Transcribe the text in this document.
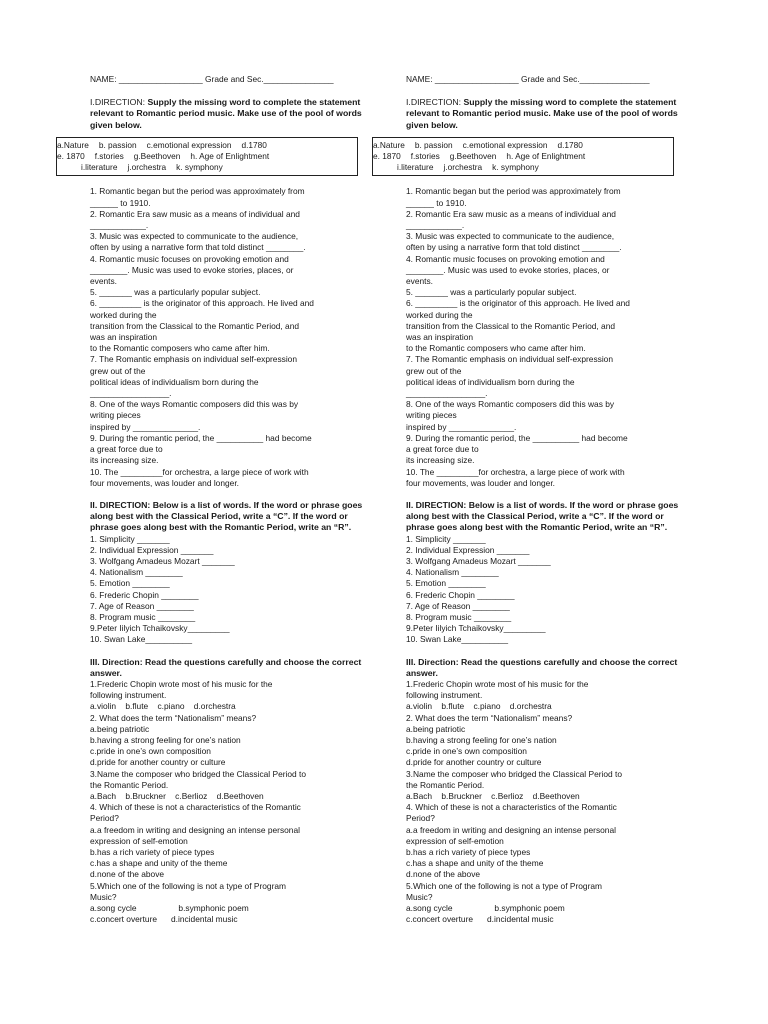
NAME: __________________ Grade and Sec._______________
I.DIRECTION: Supply the missing word to complete the statement relevant to Romantic period music. Make use of the pool of words given below.
a.Nature b. passion c.emotional expression d.1780
e. 1870 f.stories g.Beethoven h. Age of Enlightment
i.literature j.orchestra k. symphony
1. Romantic began but the period was approximately from
______ to 1910.
2. Romantic Era saw music as a means of individual and
____________.
3. Music was expected to communicate to the audience,
often by using a narrative form that told distinct ________.
4. Romantic music focuses on provoking emotion and
________. Music was used to evoke stories, places, or
events.
5. _______ was a particularly popular subject.
6. _________ is the originator of this approach. He lived and
worked during the
transition from the Classical to the Romantic Period, and
was an inspiration
to the Romantic composers who came after him.
7. The Romantic emphasis on individual self-expression
grew out of the
political ideas of individualism born during the
_________________.
8. One of the ways Romantic composers did this was by
writing pieces
inspired by ______________.
9. During the romantic period, the __________ had become
a great force due to
its increasing size.
10. The _________for orchestra, a large piece of work with
four movements, was louder and longer.
II. DIRECTION: Below is a list of words. If the word or phrase goes along best with the Classical Period, write a “C”. If the word or phrase goes along best with the Romantic Period, write an “R”.
1. Simplicity _______
2. Individual Expression _______
3. Wolfgang Amadeus Mozart _______
4. Nationalism ________
5. Emotion ________
6. Frederic Chopin ________
7. Age of Reason ________
8. Program music ________
9.Peter Iilyich Tchaikovsky_________
10. Swan Lake__________
III. Direction: Read the questions carefully and choose the correct answer.
1.Frederic Chopin wrote most of his music for the
following instrument.
a.violin    b.flute    c.piano    d.orchestra
2. What does the term “Nationalism” means?
a.being patriotic
b.having a strong feeling for one’s nation
c.pride in one’s own composition
d.pride for another country or culture
3.Name the composer who bridged the Classical Period to
the Romantic Period.
a.Bach    b.Bruckner    c.Berlioz    d.Beethoven
4. Which of these is not a characteristics of the Romantic
Period?
a.a freedom in writing and designing an intense personal
expression of self-emotion
b.has a rich variety of piece types
c.has a shape and unity of the theme
d.none of the above
5.Which one of the following is not a type of Program
Music?
a.song cycle                  b.symphonic poem
c.concert overture      d.incidental music
NAME: __________________ Grade and Sec._______________
I.DIRECTION: Supply the missing word to complete the statement relevant to Romantic period music. Make use of the pool of words given below.
a.Nature b. passion c.emotional expression d.1780
e. 1870 f.stories g.Beethoven h. Age of Enlightment
i.literature j.orchestra k. symphony
1. Romantic began but the period was approximately from
______ to 1910.
2. Romantic Era saw music as a means of individual and
____________.
3. Music was expected to communicate to the audience,
often by using a narrative form that told distinct ________.
4. Romantic music focuses on provoking emotion and
________. Music was used to evoke stories, places, or
events.
5. _______ was a particularly popular subject.
6. _________ is the originator of this approach. He lived and
worked during the
transition from the Classical to the Romantic Period, and
was an inspiration
to the Romantic composers who came after him.
7. The Romantic emphasis on individual self-expression
grew out of the
political ideas of individualism born during the
_________________.
8. One of the ways Romantic composers did this was by
writing pieces
inspired by ______________.
9. During the romantic period, the __________ had become
a great force due to
its increasing size.
10. The _________for orchestra, a large piece of work with
four movements, was louder and longer.
II. DIRECTION: Below is a list of words. If the word or phrase goes along best with the Classical Period, write a “C”. If the word or phrase goes along best with the Romantic Period, write an “R”.
1. Simplicity _______
2. Individual Expression _______
3. Wolfgang Amadeus Mozart _______
4. Nationalism ________
5. Emotion ________
6. Frederic Chopin ________
7. Age of Reason ________
8. Program music ________
9.Peter Iilyich Tchaikovsky_________
10. Swan Lake__________
III. Direction: Read the questions carefully and choose the correct answer.
1.Frederic Chopin wrote most of his music for the
following instrument.
a.violin    b.flute    c.piano    d.orchestra
2. What does the term “Nationalism” means?
a.being patriotic
b.having a strong feeling for one’s nation
c.pride in one’s own composition
d.pride for another country or culture
3.Name the composer who bridged the Classical Period to
the Romantic Period.
a.Bach    b.Bruckner    c.Berlioz    d.Beethoven
4. Which of these is not a characteristics of the Romantic
Period?
a.a freedom in writing and designing an intense personal
expression of self-emotion
b.has a rich variety of piece types
c.has a shape and unity of the theme
d.none of the above
5.Which one of the following is not a type of Program
Music?
a.song cycle                  b.symphonic poem
c.concert overture      d.incidental music
